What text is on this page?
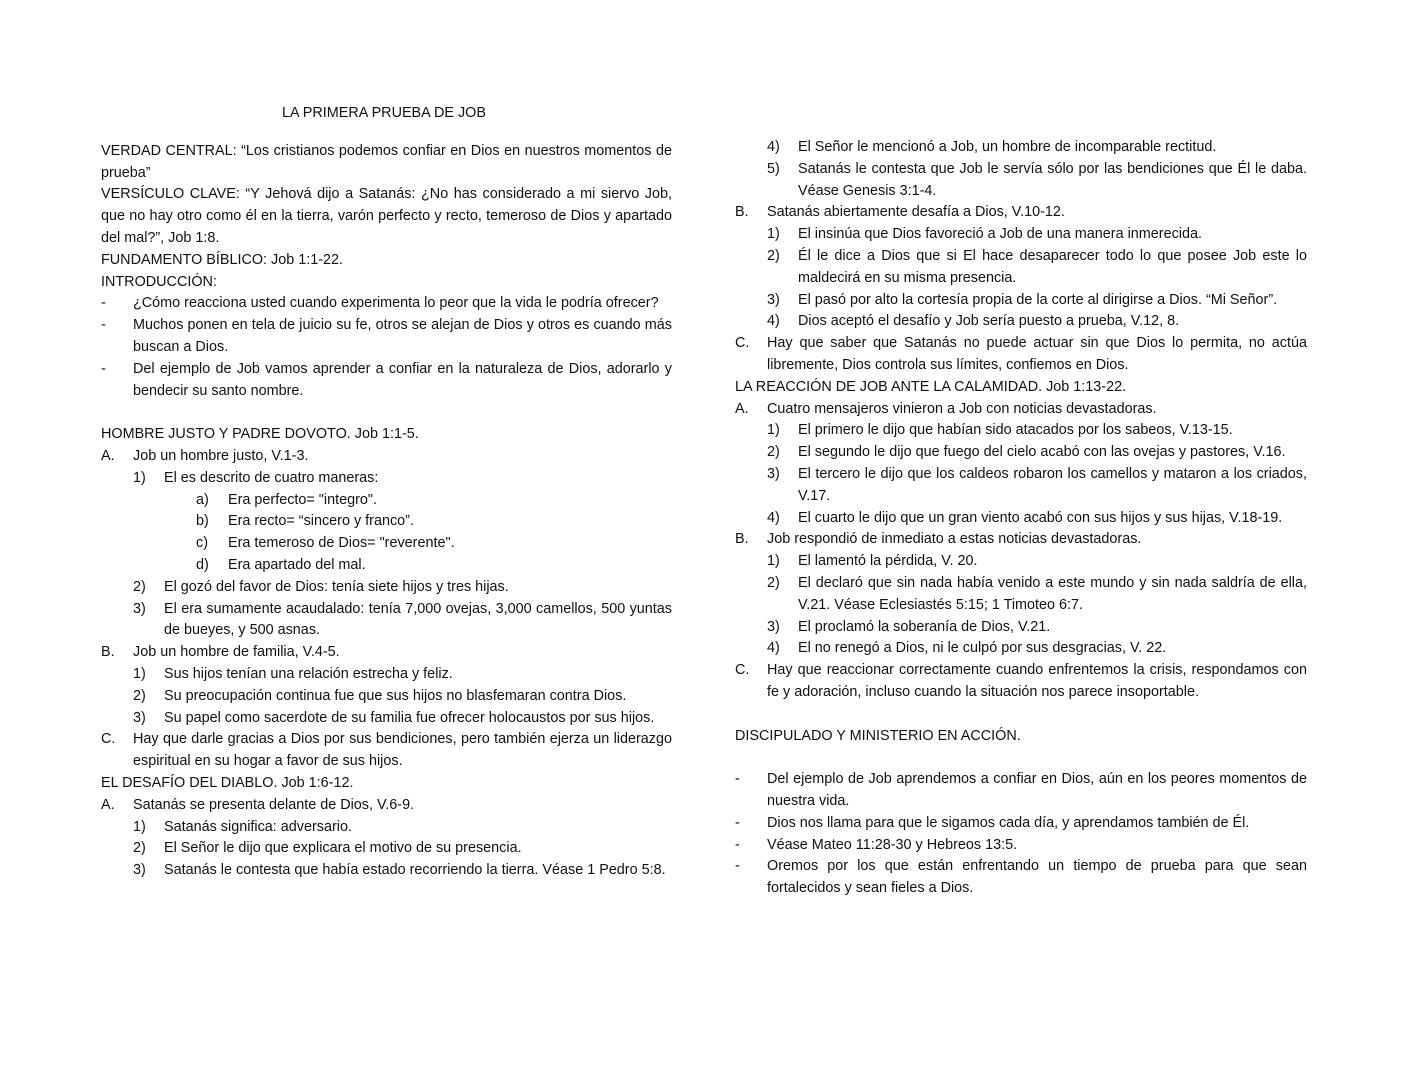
LA PRIMERA PRUEBA DE JOB

VERDAD CENTRAL: “Los cristianos podemos confiar en Dios en nuestros momentos de prueba”

VERSÍCULO CLAVE: “Y Jehová dijo a Satanás: ¿No has considerado a mi siervo Job, que no hay otro como él en la tierra, varón perfecto y recto, temeroso de Dios y apartado del mal?”, Job 1:8.

FUNDAMENTO BÍBLICO: Job 1:1-22.

INTRODUCCIÓN:

-	¿Cómo reacciona usted cuando experimenta lo peor que la vida le podría ofrecer?
-	Muchos ponen en tela de juicio su fe, otros se alejan de Dios y otros es cuando más buscan a Dios.
-	Del ejemplo de Job vamos aprender a confiar en la naturaleza de Dios, adorarlo y bendecir su santo nombre.

HOMBRE JUSTO Y PADRE DOVOTO. Job 1:1-5.

A.	Job un hombre justo, V.1-3.
1)	El es descrito de cuatro maneras:
a)	Era perfecto= "integro".
b)	Era recto= “sincero y franco”.
c)	Era temeroso de Dios= "reverente".
d)	Era apartado del mal.
2)	El gozó del favor de Dios: tenía siete hijos y tres hijas.
3)	El era sumamente acaudalado: tenía 7,000 ovejas, 3,000 camellos, 500 yuntas de bueyes, y 500 asnas.
B.	Job un hombre de familia, V.4-5.
1)	Sus hijos tenían una relación estrecha y feliz.
2)	Su preocupación continua fue que sus hijos no blasfemaran contra Dios.
3)	Su papel como sacerdote de su familia fue ofrecer holocaustos por sus hijos.
C.	Hay que darle gracias a Dios por sus bendiciones, pero también ejerza un liderazgo espiritual en su hogar a favor de sus hijos.

EL DESAFÍO DEL DIABLO. Job 1:6-12.

A.	Satanás se presenta delante de Dios, V.6-9.
1)	Satanás significa: adversario.
2)	El Señor le dijo que explicara el motivo de su presencia.
3)	Satanás le contesta que había estado recorriendo la tierra. Véase 1 Pedro 5:8.
4)	El Señor le mencionó a Job, un hombre de incomparable rectitud.
5)	Satanás le contesta que Job le servía sólo por las bendiciones que Él le daba. Véase Genesis 3:1-4.
B.	Satanás abiertamente desafía a Dios, V.10-12.
1)	El insinúa que Dios favoreció a Job de una manera inmerecida.
2)	Él le dice a Dios que si El hace desaparecer todo lo que posee Job este lo maldecirá en su misma presencia.
3)	El pasó por alto la cortesía propia de la corte al dirigirse a Dios. “Mi Señor”.
4)	Dios aceptó el desafío y Job sería puesto a prueba, V.12, 8.
C.	Hay que saber que Satanás no puede actuar sin que Dios lo permita, no actúa libremente, Dios controla sus límites, confiemos en Dios.

LA REACCIÓN DE JOB ANTE LA CALAMIDAD. Job 1:13-22.

A.	Cuatro mensajeros vinieron a Job con noticias devastadoras.
1)	El primero le dijo que habían sido atacados por los sabeos, V.13-15.
2)	El segundo le dijo que fuego del cielo acabó con las ovejas y pastores, V.16.
3)	El tercero le dijo que los caldeos robaron los camellos y mataron a los criados, V.17.
4)	El cuarto le dijo que un gran viento acabó con sus hijos y sus hijas, V.18-19.
B.	Job respondió de inmediato a estas noticias devastadoras.
1)	El lamentó la pérdida, V. 20.
2)	El declaró que sin nada había venido a este mundo y sin nada saldría de ella, V.21. Véase Eclesiastés 5:15; 1 Timoteo 6:7.
3)	El proclamó la soberanía de Dios, V.21.
4)	El no renegó a Dios, ni le culpó por sus desgracias, V. 22.
C.	Hay que reaccionar correctamente cuando enfrentemos la crisis, respondamos con fe y adoración, incluso cuando la situación nos parece insoportable.

DISCIPULADO Y MINISTERIO EN ACCIÓN.

-	Del ejemplo de Job aprendemos a confiar en Dios, aún en los peores momentos de nuestra vida.
-	Dios nos llama para que le sigamos cada día, y aprendamos también de Él.
-	Véase Mateo 11:28-30 y Hebreos 13:5.
-	Oremos por los que están enfrentando un tiempo de prueba para que sean fortalecidos y sean fieles a Dios.
